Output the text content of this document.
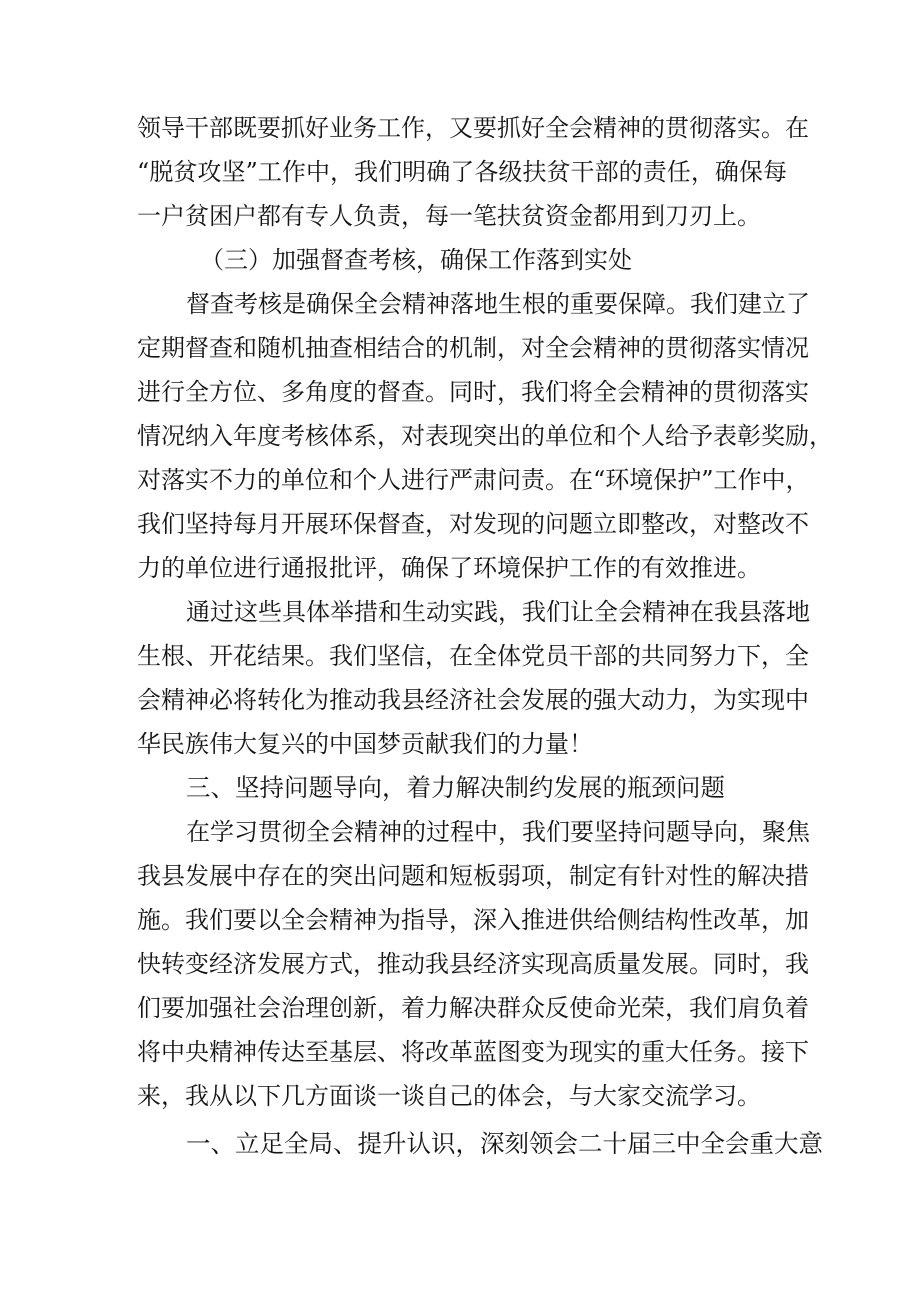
领导干部既要抓好业务工作，又要抓好全会精神的贯彻落实。在
“脱贫攻坚”工作中，我们明确了各级扶贫干部的责任，确保每
一户贫困户都有专人负责，每一笔扶贫资金都用到刀刃上。
（三）加强督查考核，确保工作落到实处
督查考核是确保全会精神落地生根的重要保障。我们建立了
定期督查和随机抽查相结合的机制，对全会精神的贯彻落实情况
进行全方位、多角度的督查。同时，我们将全会精神的贯彻落实
情况纳入年度考核体系，对表现突出的单位和个人给予表彰奖励，
对落实不力的单位和个人进行严肃问责。在“环境保护”工作中，
我们坚持每月开展环保督查，对发现的问题立即整改，对整改不
力的单位进行通报批评，确保了环境保护工作的有效推进。
通过这些具体举措和生动实践，我们让全会精神在我县落地
生根、开花结果。我们坚信，在全体党员干部的共同努力下，全
会精神必将转化为推动我县经济社会发展的强大动力，为实现中
华民族伟大复兴的中国梦贡献我们的力量！
三、坚持问题导向，着力解决制约发展的瓶颈问题
在学习贯彻全会精神的过程中，我们要坚持问题导向，聚焦
我县发展中存在的突出问题和短板弱项，制定有针对性的解决措
施。我们要以全会精神为指导，深入推进供给侧结构性改革，加
快转变经济发展方式，推动我县经济实现高质量发展。同时，我
们要加强社会治理创新，着力解决群众反使命光荣，我们肩负着
将中央精神传达至基层、将改革蓝图变为现实的重大任务。接下
来，我从以下几方面谈一谈自己的体会，与大家交流学习。
一、立足全局、提升认识，深刻领会二十届三中全会重大意
